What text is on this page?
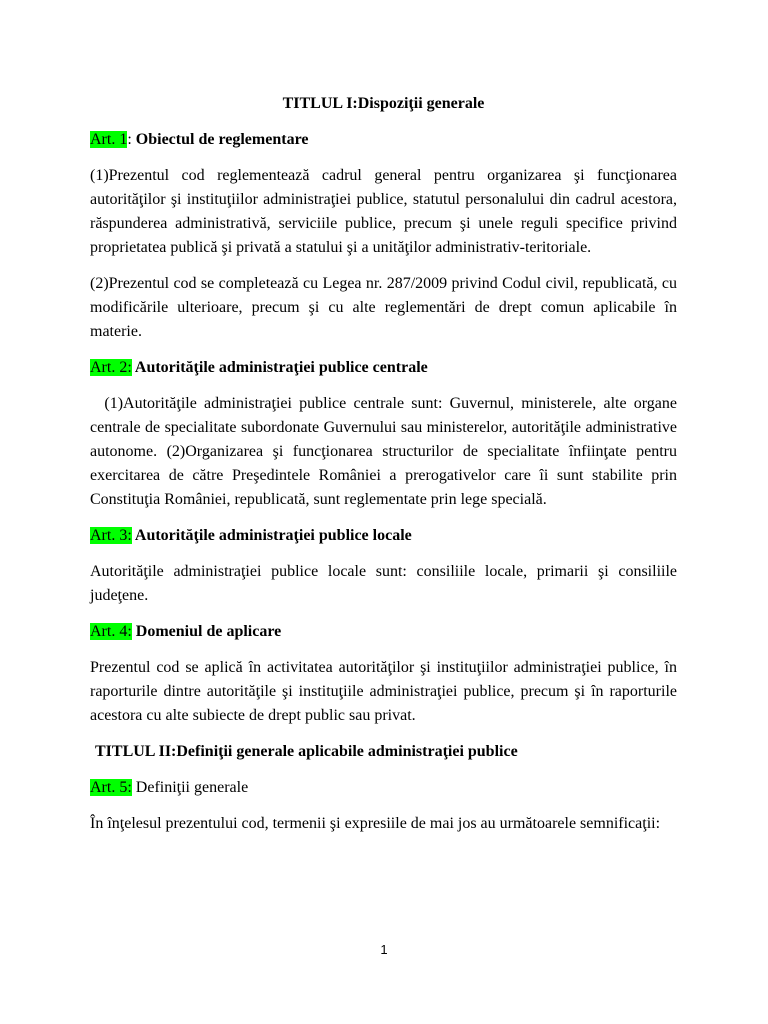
TITLUL I:Dispoziţii generale

Art. 1: Obiectul de reglementare

(1)Prezentul cod reglementează cadrul general pentru organizarea şi funcţionarea autorităţilor şi instituţiilor administraţiei publice, statutul personalului din cadrul acestora, răspunderea administrativă, serviciile publice, precum şi unele reguli specifice privind proprietatea publică şi privată a statului şi a unităţilor administrativ-teritoriale.

(2)Prezentul cod se completează cu Legea nr. 287/2009 privind Codul civil, republicată, cu modificările ulterioare, precum şi cu alte reglementări de drept comun aplicabile în materie.

Art. 2: Autorităţile administraţiei publice centrale

(1)Autorităţile administraţiei publice centrale sunt: Guvernul, ministerele, alte organe centrale de specialitate subordonate Guvernului sau ministerelor, autorităţile administrative autonome. (2)Organizarea şi funcţionarea structurilor de specialitate înfiinţate pentru exercitarea de către Preşedintele României a prerogativelor care îi sunt stabilite prin Constituţia României, republicată, sunt reglementate prin lege specială.

Art. 3: Autorităţile administraţiei publice locale

Autorităţile administraţiei publice locale sunt: consiliile locale, primarii şi consiliile judeţene.

Art. 4: Domeniul de aplicare

Prezentul cod se aplică în activitatea autorităţilor şi instituţiilor administraţiei publice, în raporturile dintre autorităţile şi instituţiile administraţiei publice, precum şi în raporturile acestora cu alte subiecte de drept public sau privat.

TITLUL II:Definiţii generale aplicabile administraţiei publice

Art. 5: Definiţii generale

În înţelesul prezentului cod, termenii şi expresiile de mai jos au următoarele semnificaţii:

1
